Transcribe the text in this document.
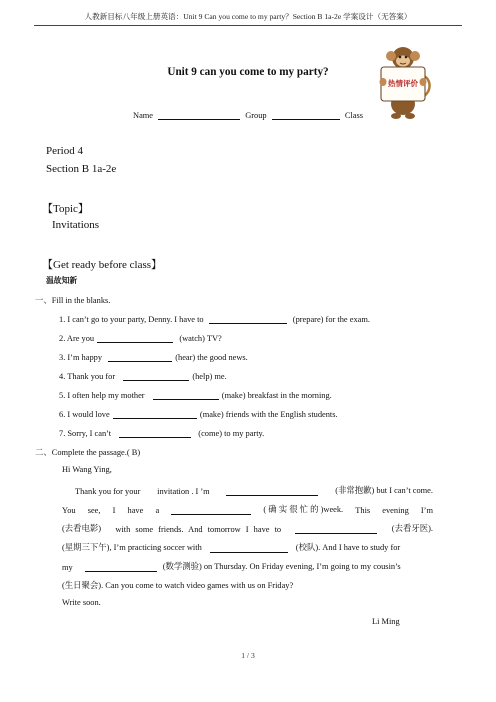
人教新目标八年级上册英语：Unit 9 Can you come to my party？Section B 1a-2e 学案设计（无答案）
Unit 9 can you come to my party?
热情评价
Name	Group	Class
Period 4
Section B 1a-2e
【Topic】
Invitations
【Get ready before class】
温故知新
一、Fill in the blanks.
1. I can’t go to your party, Denny. I have to	(prepare) for the exam.
2. Are you	(watch) TV?
3. I’m happy	(hear) the good news.
4. Thank you for	(help) me.
5. I often help my mother	(make) breakfast in the morning.
6. I would love	(make) friends with the English students.
7. Sorry, I can’t	(come) to my party.
二、Complete the passage.( B)
Hi Wang Ying,
Thank you for your invitation . I ’m	(非常抱歉) but I can’t come.
You see, I have a	( 确 实 很 忙 的 )week. This evening I’m
(去看电影) with some friends. And tomorrow I have to	(去看牙医).
(星期三下午), I’m practicing soccer with	(校队). And I have to study for
my	(数学测验) on Thursday. On Friday evening, I’m going to my cousin’s
(生日聚会). Can you come to watch video games with us on Friday?
Write soon.
Li Ming
1 / 3
